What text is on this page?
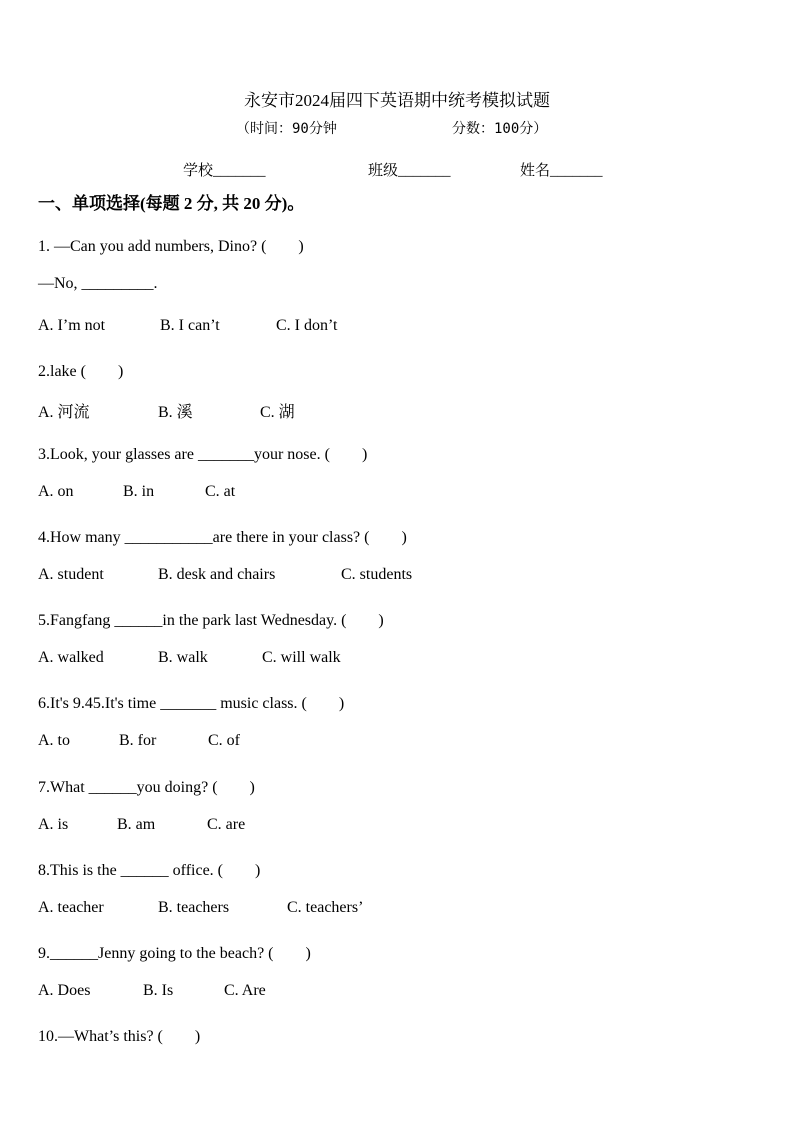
永安市2024届四下英语期中统考模拟试题
（时间：90分钟	分数：100分）
学校_______	班级_______	姓名_______
一、单项选择(每题 2 分, 共 20 分)。
1. —Can you add numbers, Dino? (　　)
—No, _________.
A. I’m not	B. I can’t	C. I don’t
2.lake (　　)
A. 河流	B. 溪	C. 湖
3.Look, your glasses are _______your nose. (　　)
A. on	B. in	C. at
4.How many ___________are there in your class? (　　)
A. student	B. desk and chairs	C. students
5.Fangfang ______in the park last Wednesday. (　　)
A. walked	B. walk	C. will walk
6.It's 9.45.It's time _______ music class. (　　)
A. to	B. for	C. of
7.What ______you doing? (　　)
A. is	B. am	C. are
8.This is the ______ office. (　　)
A. teacher	B. teachers	C. teachers’
9.______Jenny going to the beach? (　　)
A. Does	B. Is	C. Are
10.—What’s this? (　　)
